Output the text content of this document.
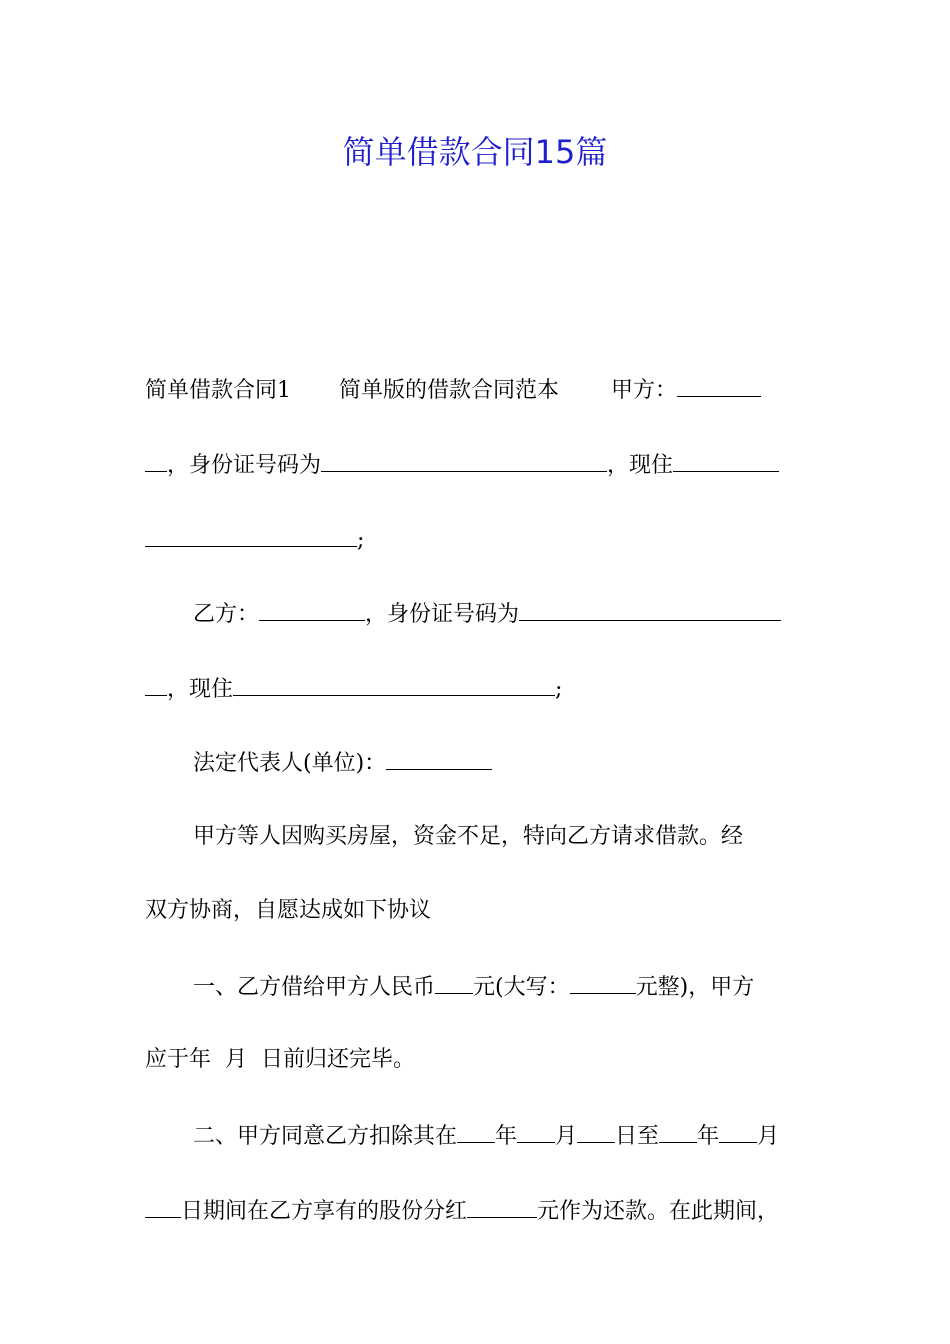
简单借款合同15篇

简单借款合同1 简单版的借款合同范本 甲方：

，身份证号码为	，现住

;

乙方：	，身份证号码为

，现住	;

法定代表人(单位)：

甲方等人因购买房屋，资金不足，特向乙方请求借款。经

双方协商，自愿达成如下协议

一、乙方借给甲方人民币 元(大写：	元整)，甲方

应于年  月  日前归还完毕。

二、甲方同意乙方扣除其在 年 月 日至 年 月

日期间在乙方享有的股份分红	元作为还款。在此期间，
